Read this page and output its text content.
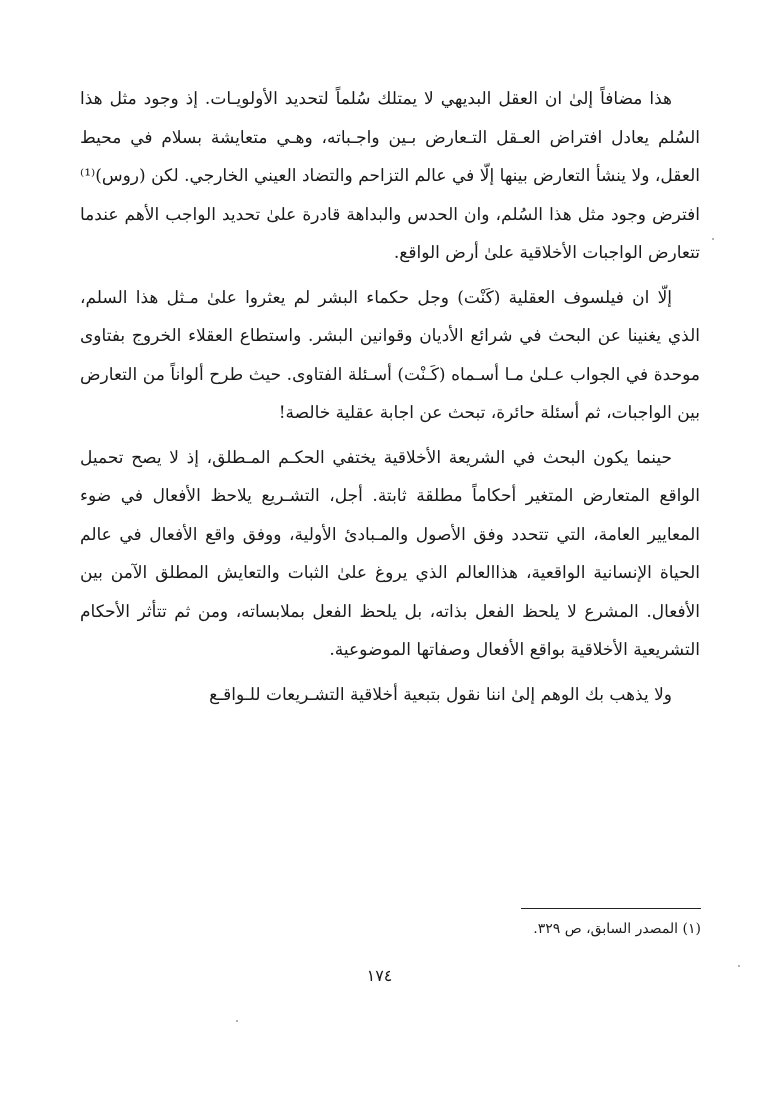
هذا مضافاً إلىٰ ان العقل البديهي لا يمتلك سُلماً لتحديد الأولويـات. إذ وجود مثل هذا السُلم يعادل افتراض العـقل التـعارض بـين واجـباته، وهـي متعايشة بسلام في محيط العقل، ولا ينشأ التعارض بينها إلّا في عالم التزاحم والتضاد العيني الخارجي. لكن (روس)⁽¹⁾ افترض وجود مثل هذا السُلم، وان الحدس والبداهة قادرة علىٰ تحديد الواجب الأهم عندما تتعارض الواجبات الأخلاقية علىٰ أرض الواقع.

إلّا ان فيلسوف العقلية (كَنْت) وجل حكماء البشر لم يعثروا علىٰ مـثل هذا السلم، الذي يغنينا عن البحث في شرائع الأديان وقوانين البشر. واستطاع العقلاء الخروج بفتاوى موحدة في الجواب عـلىٰ مـا أسـماه (كَـنْت) أسـئلة الفتاوى. حيث طرح ألواناً من التعارض بين الواجبات، ثم أسئلة حائرة، تبحث عن اجابة عقلية خالصة!

حينما يكون البحث في الشريعة الأخلاقية يختفي الحكـم المـطلق، إذ لا يصح تحميل الواقع المتعارض المتغير أحكاماً مطلقة ثابتة. أجل، التشـريع يلاحظ الأفعال في ضوء المعايير العامة، التي تتحدد وفق الأصول والمـبادئ الأولية، ووفق واقع الأفعال في عالم الحياة الإنسانية الواقعية، هذاالعالم الذي يروغ علىٰ الثبات والتعايش المطلق الآمن بين الأفعال. المشرع لا يلحظ الفعل بذاته، بل يلحظ الفعل بملابساته، ومن ثم تتأثر الأحكام التشريعية الأخلاقية بواقع الأفعال وصفاتها الموضوعية.

ولا يذهب بك الوهم إلىٰ اننا نقول بتبعية أخلاقية التشـريعات للـواقـع

(١) المصدر السابق، ص ٣٢٩.
١٧٤
